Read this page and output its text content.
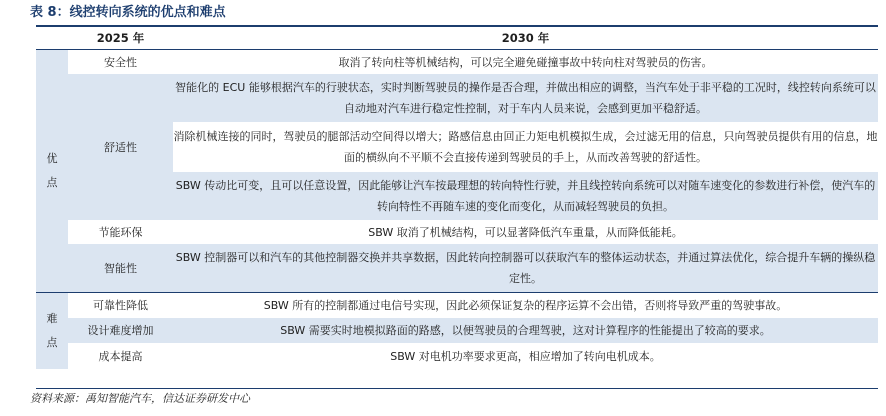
表 8：线控转向系统的优点和难点
	2025 年	2030 年

优点	安全性	取消了转向柱等机械结构，可以完全避免碰撞事故中转向柱对驾驶员的伤害。
	舒适性	智能化的 ECU 能够根据汽车的行驶状态，实时判断驾驶员的操作是否合理，并做出相应的调整，当汽车处于非平稳的工况时，线控转向系统可以自动地对汽车进行稳定性控制，对于车内人员来说，会感到更加平稳舒适。
		消除机械连接的同时，驾驶员的腿部活动空间得以增大；路感信息由回正力矩电机模拟生成，会过滤无用的信息，只向驾驶员提供有用的信息，地面的横纵向不平顺不会直接传递到驾驶员的手上，从而改善驾驶的舒适性。
		SBW 传动比可变，且可以任意设置，因此能够让汽车按最理想的转向特性行驶，并且线控转向系统可以对随车速变化的参数进行补偿，使汽车的转向特性不再随车速的变化而变化，从而减轻驾驶员的负担。
	节能环保	SBW 取消了机械结构，可以显著降低汽车重量，从而降低能耗。
	智能性	SBW 控制器可以和汽车的其他控制器交换并共享数据，因此转向控制器可以获取汽车的整体运动状态，并通过算法优化，综合提升车辆的操纵稳定性。

难点	可靠性降低	SBW 所有的控制都通过电信号实现，因此必须保证复杂的程序运算不会出错，否则将导致严重的驾驶事故。
	设计难度增加	SBW 需要实时地模拟路面的路感，以便驾驶员的合理驾驶，这对计算程序的性能提出了较高的要求。
	成本提高	SBW 对电机功率要求更高，相应增加了转向电机成本。
资料来源：禹知智能汽车，信达证券研发中心
